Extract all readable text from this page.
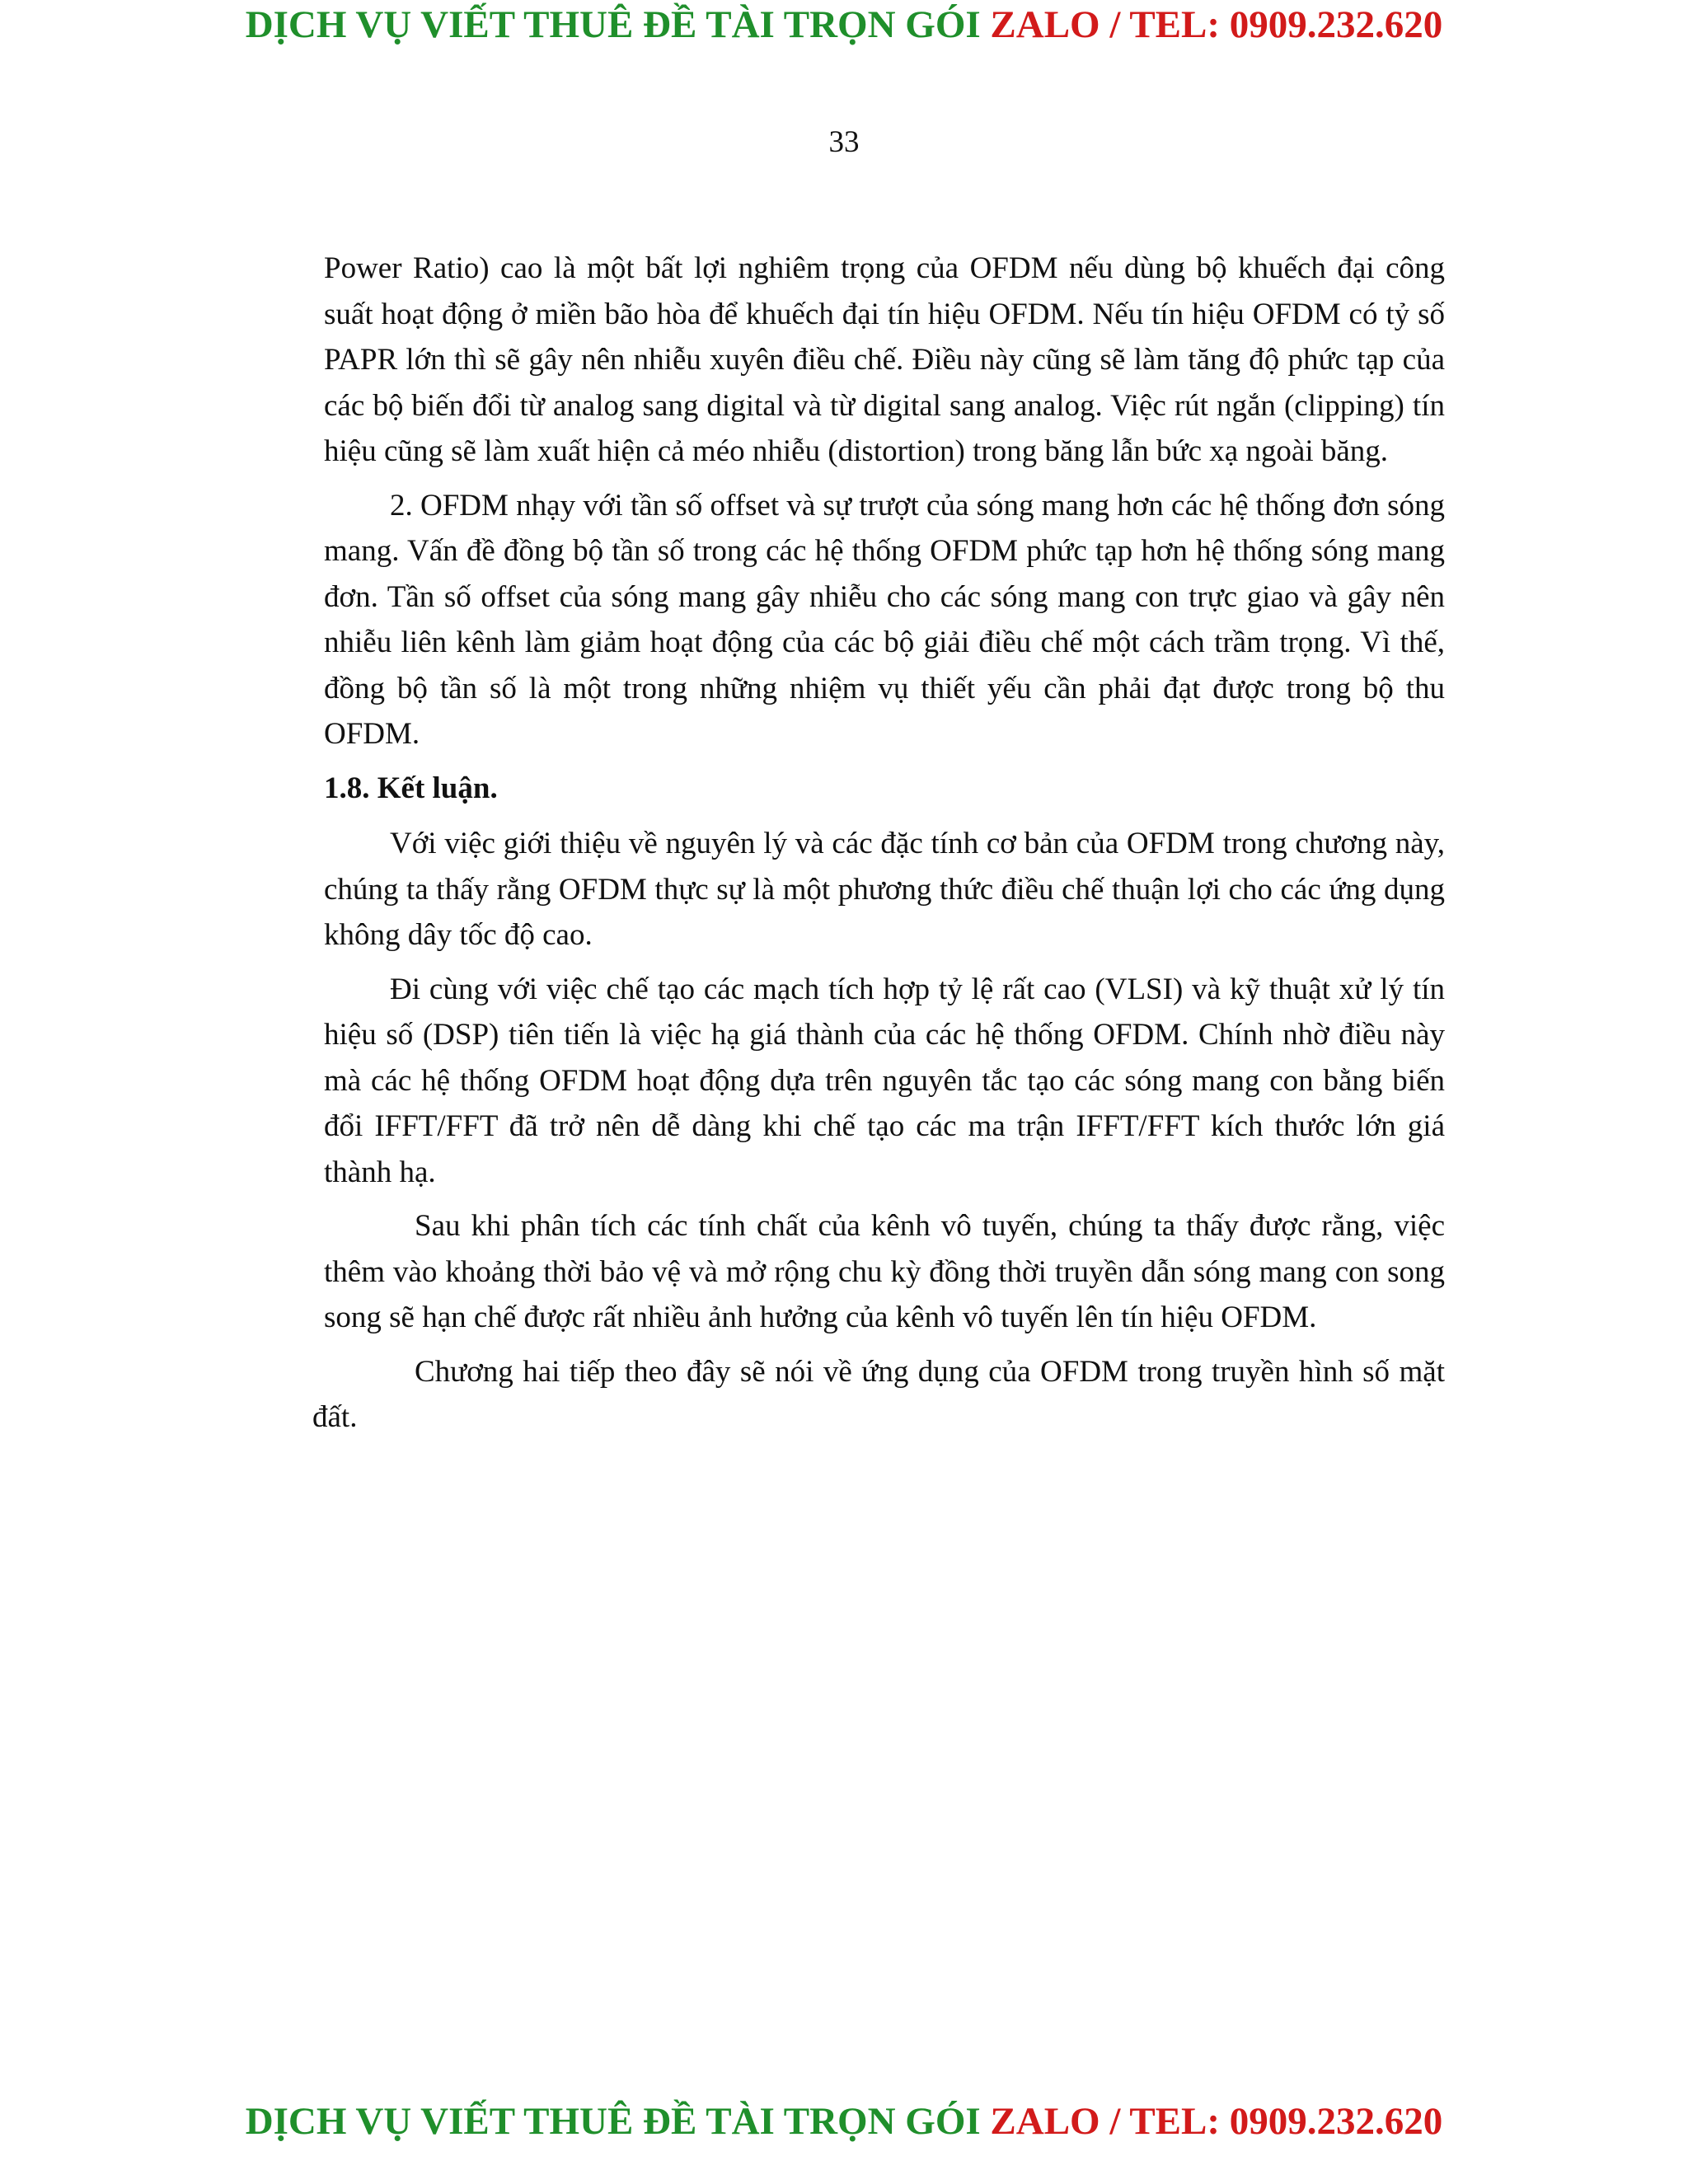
DỊCH VỤ VIẾT THUÊ ĐỀ TÀI TRỌN GÓI ZALO / TEL: 0909.232.620
33

Power Ratio) cao là một bất lợi nghiêm trọng của OFDM nếu dùng bộ khuếch đại công suất hoạt động ở miền bão hòa để khuếch đại tín hiệu OFDM. Nếu tín hiệu OFDM có tỷ số PAPR lớn thì sẽ gây nên nhiễu xuyên điều chế. Điều này cũng sẽ làm tăng độ phức tạp của các bộ biến đổi từ analog sang digital và từ digital sang analog. Việc rút ngắn (clipping) tín hiệu cũng sẽ làm xuất hiện cả méo nhiễu (distortion) trong băng lẫn bức xạ ngoài băng.

2. OFDM nhạy với tần số offset và sự trượt của sóng mang hơn các hệ thống đơn sóng mang. Vấn đề đồng bộ tần số trong các hệ thống OFDM phức tạp hơn hệ thống sóng mang đơn. Tần số offset của sóng mang gây nhiễu cho các sóng mang con trực giao và gây nên nhiễu liên kênh làm giảm hoạt động của các bộ giải điều chế một cách trầm trọng. Vì thế, đồng bộ tần số là một trong những nhiệm vụ thiết yếu cần phải đạt được trong bộ thu OFDM.

1.8. Kết luận.

Với việc giới thiệu về nguyên lý và các đặc tính cơ bản của OFDM trong chương này, chúng ta thấy rằng OFDM thực sự là một phương thức điều chế thuận lợi cho các ứng dụng không dây tốc độ cao.

Đi cùng với việc chế tạo các mạch tích hợp tỷ lệ rất cao (VLSI) và kỹ thuật xử lý tín hiệu số (DSP) tiên tiến là việc hạ giá thành của các hệ thống OFDM. Chính nhờ điều này mà các hệ thống OFDM hoạt động dựa trên nguyên tắc tạo các sóng mang con bằng biến đổi IFFT/FFT đã trở nên dễ dàng khi chế tạo các ma trận IFFT/FFT kích thước lớn giá thành hạ.

Sau khi phân tích các tính chất của kênh vô tuyến, chúng ta thấy được rằng, việc thêm vào khoảng thời bảo vệ và mở rộng chu kỳ đồng thời truyền dẫn sóng mang con song song sẽ hạn chế được rất nhiều ảnh hưởng của kênh vô tuyến lên tín hiệu OFDM.

Chương hai tiếp theo đây sẽ nói về ứng dụng của OFDM trong truyền hình số mặt đất.

DỊCH VỤ VIẾT THUÊ ĐỀ TÀI TRỌN GÓI ZALO / TEL: 0909.232.620
